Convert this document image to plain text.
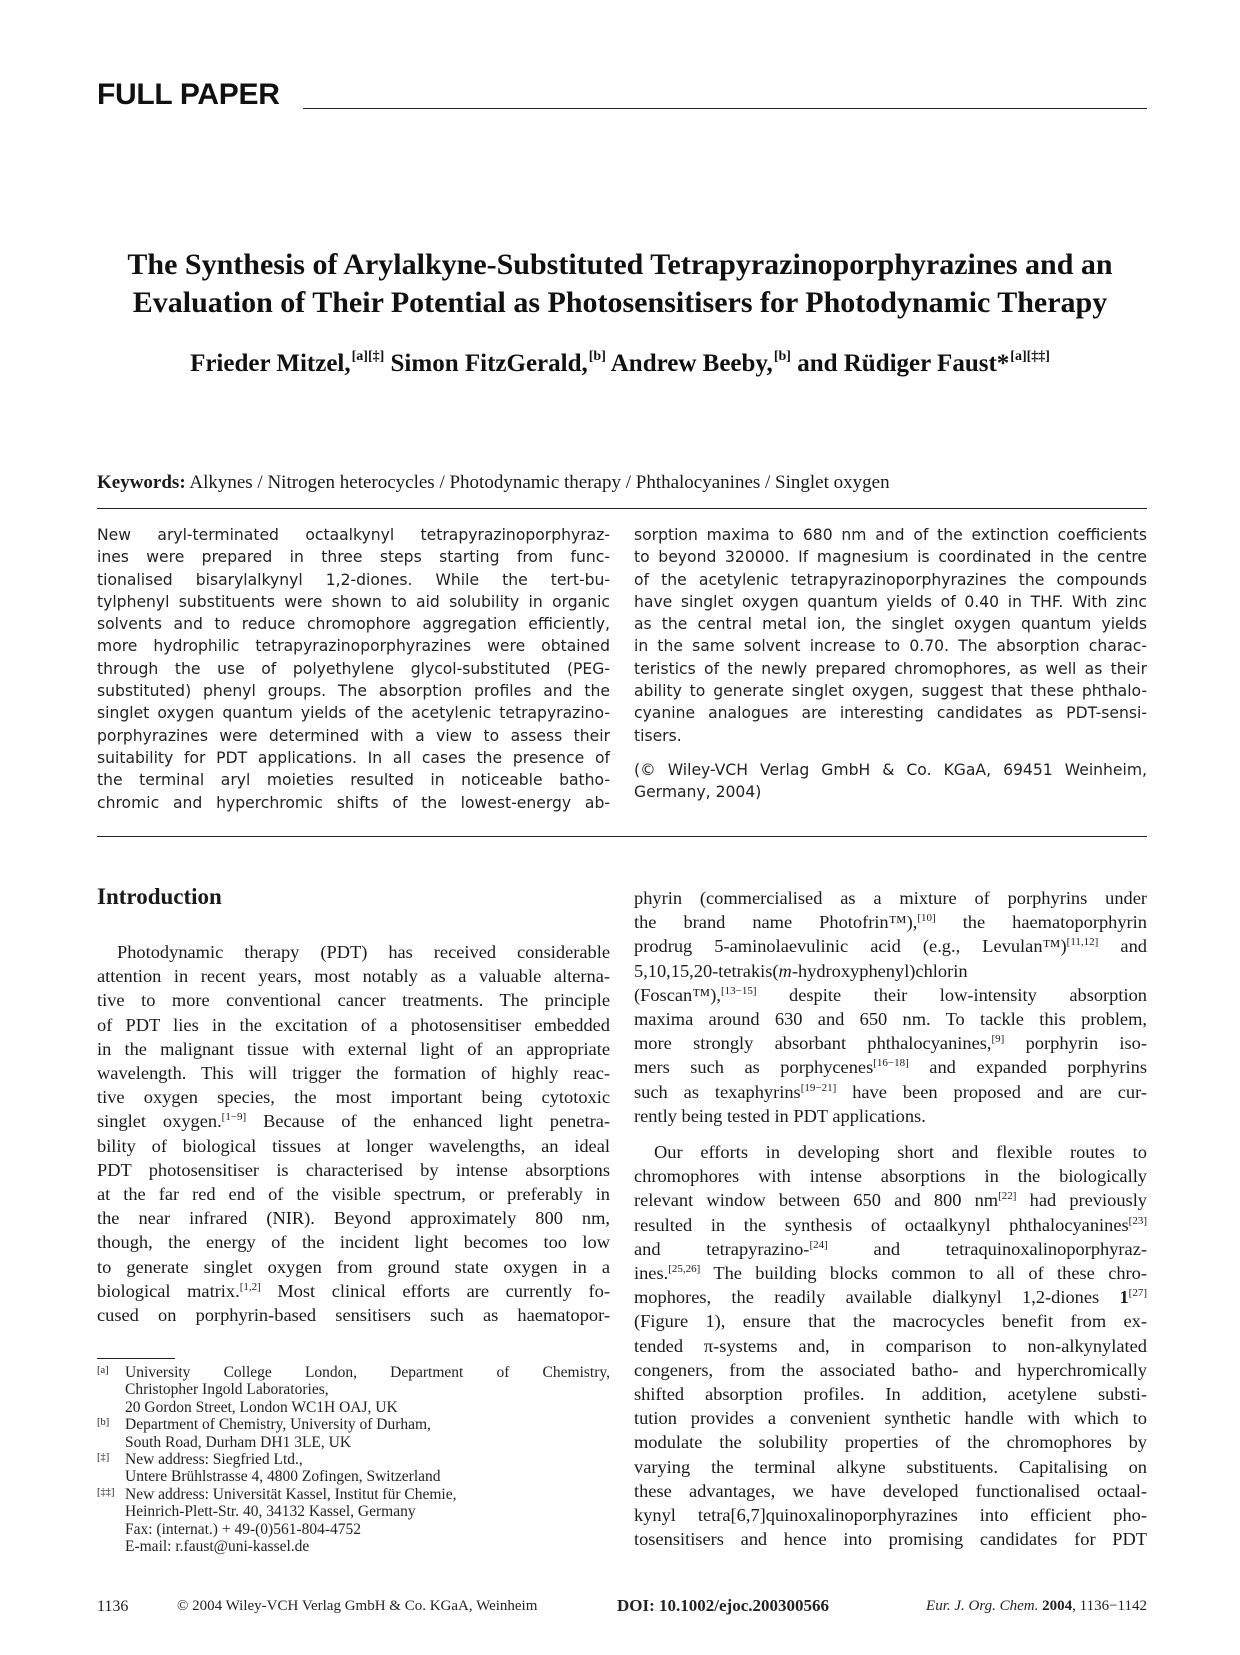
FULL PAPER
The Synthesis of Arylalkyne-Substituted Tetrapyrazinoporphyrazines and an
Evaluation of Their Potential as Photosensitisers for Photodynamic Therapy
Frieder Mitzel,[a][‡] Simon FitzGerald,[b] Andrew Beeby,[b] and Rüdiger Faust*[a][‡‡]
Keywords: Alkynes / Nitrogen heterocycles / Photodynamic therapy / Phthalocyanines / Singlet oxygen
New aryl-terminated octaalkynyl tetrapyrazinoporphyraz-
ines were prepared in three steps starting from func-
tionalised bisarylalkynyl 1,2-diones. While the tert-bu-
tylphenyl substituents were shown to aid solubility in organic
solvents and to reduce chromophore aggregation efficiently,
more hydrophilic tetrapyrazinoporphyrazines were obtained
through the use of polyethylene glycol-substituted (PEG-
substituted) phenyl groups. The absorption profiles and the
singlet oxygen quantum yields of the acetylenic tetrapyrazino-
porphyrazines were determined with a view to assess their
suitability for PDT applications. In all cases the presence of
the terminal aryl moieties resulted in noticeable batho-
chromic and hyperchromic shifts of the lowest-energy ab-
sorption maxima to 680 nm and of the extinction coefficients
to beyond 320000. If magnesium is coordinated in the centre
of the acetylenic tetrapyrazinoporphyrazines the compounds
have singlet oxygen quantum yields of 0.40 in THF. With zinc
as the central metal ion, the singlet oxygen quantum yields
in the same solvent increase to 0.70. The absorption charac-
teristics of the newly prepared chromophores, as well as their
ability to generate singlet oxygen, suggest that these phthalo-
cyanine analogues are interesting candidates as PDT-sensi-
tisers.
(© Wiley-VCH Verlag GmbH & Co. KGaA, 69451 Weinheim,
Germany, 2004)
Introduction
Photodynamic therapy (PDT) has received considerable
attention in recent years, most notably as a valuable alterna-
tive to more conventional cancer treatments. The principle
of PDT lies in the excitation of a photosensitiser embedded
in the malignant tissue with external light of an appropriate
wavelength. This will trigger the formation of highly reac-
tive oxygen species, the most important being cytotoxic
singlet oxygen.[1−9] Because of the enhanced light penetra-
bility of biological tissues at longer wavelengths, an ideal
PDT photosensitiser is characterised by intense absorptions
at the far red end of the visible spectrum, or preferably in
the near infrared (NIR). Beyond approximately 800 nm,
though, the energy of the incident light becomes too low
to generate singlet oxygen from ground state oxygen in a
biological matrix.[1,2] Most clinical efforts are currently fo-
cused on porphyrin-based sensitisers such as haematopor-
phyrin (commercialised as a mixture of porphyrins under
the brand name Photofrin™),[10] the haematoporphyrin
prodrug 5-aminolaevulinic acid (e.g., Levulan™)[11,12] and
5,10,15,20-tetrakis(m-hydroxyphenyl)chlorin
(Foscan™),[13−15] despite their low-intensity absorption
maxima around 630 and 650 nm. To tackle this problem,
more strongly absorbant phthalocyanines,[9] porphyrin iso-
mers such as porphycenes[16−18] and expanded porphyrins
such as texaphyrins[19−21] have been proposed and are cur-
rently being tested in PDT applications.
Our efforts in developing short and flexible routes to
chromophores with intense absorptions in the biologically
relevant window between 650 and 800 nm[22] had previously
resulted in the synthesis of octaalkynyl phthalocyanines[23]
and tetrapyrazino-[24] and tetraquinoxalinoporphyraz-
ines.[25,26] The building blocks common to all of these chro-
mophores, the readily available dialkynyl 1,2-diones 1[27]
(Figure 1), ensure that the macrocycles benefit from ex-
tended π-systems and, in comparison to non-alkynylated
congeners, from the associated batho- and hyperchromically
shifted absorption profiles. In addition, acetylene substi-
tution provides a convenient synthetic handle with which to
modulate the solubility properties of the chromophores by
varying the terminal alkyne substituents. Capitalising on
these advantages, we have developed functionalised octaal-
kynyl tetra[6,7]quinoxalinoporphyrazines into efficient pho-
tosensitisers and hence into promising candidates for PDT
[a] University College London, Department of Chemistry,
Christopher Ingold Laboratories,
20 Gordon Street, London WC1H OAJ, UK
[b] Department of Chemistry, University of Durham,
South Road, Durham DH1 3LE, UK
[‡] New address: Siegfried Ltd.,
Untere Brühlstrasse 4, 4800 Zofingen, Switzerland
[‡‡] New address: Universität Kassel, Institut für Chemie,
Heinrich-Plett-Str. 40, 34132 Kassel, Germany
Fax: (internat.) + 49-(0)561-804-4752
E-mail: r.faust@uni-kassel.de
1136	© 2004 Wiley-VCH Verlag GmbH & Co. KGaA, Weinheim	DOI: 10.1002/ejoc.200300566	Eur. J. Org. Chem. 2004, 1136−1142
